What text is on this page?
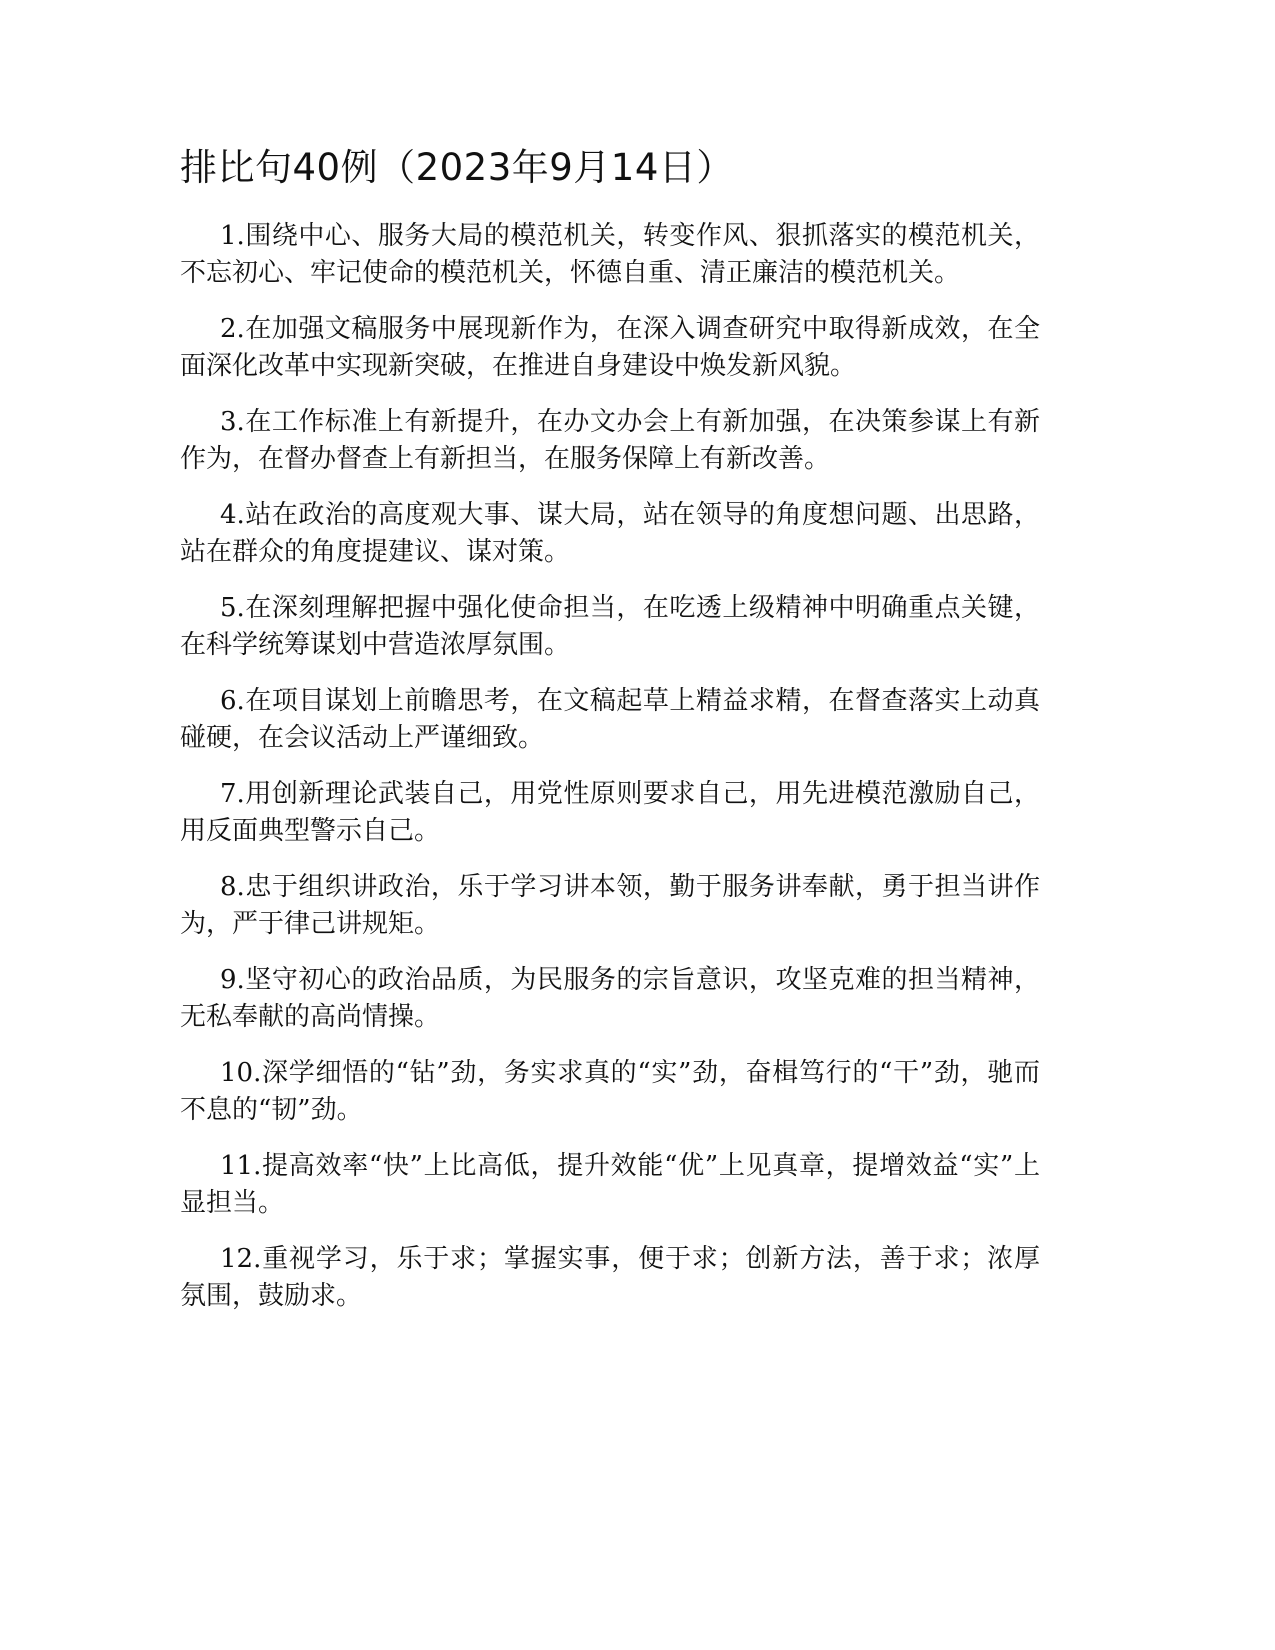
排比句40例（2023年9月14日）

1.围绕中心、服务大局的模范机关，转变作风、狠抓落实的模范机关，不忘初心、牢记使命的模范机关，怀德自重、清正廉洁的模范机关。

2.在加强文稿服务中展现新作为，在深入调查研究中取得新成效，在全面深化改革中实现新突破，在推进自身建设中焕发新风貌。

3.在工作标准上有新提升，在办文办会上有新加强，在决策参谋上有新作为，在督办督查上有新担当，在服务保障上有新改善。

4.站在政治的高度观大事、谋大局，站在领导的角度想问题、出思路，站在群众的角度提建议、谋对策。

5.在深刻理解把握中强化使命担当，在吃透上级精神中明确重点关键，在科学统筹谋划中营造浓厚氛围。

6.在项目谋划上前瞻思考，在文稿起草上精益求精，在督查落实上动真碰硬，在会议活动上严谨细致。

7.用创新理论武装自己，用党性原则要求自己，用先进模范激励自己，用反面典型警示自己。

8.忠于组织讲政治，乐于学习讲本领，勤于服务讲奉献，勇于担当讲作为，严于律己讲规矩。

9.坚守初心的政治品质，为民服务的宗旨意识，攻坚克难的担当精神，无私奉献的高尚情操。

10.深学细悟的“钻”劲，务实求真的“实”劲，奋楫笃行的“干”劲，驰而不息的“韧”劲。

11.提高效率“快”上比高低，提升效能“优”上见真章，提增效益“实”上显担当。

12.重视学习，乐于求；掌握实事，便于求；创新方法，善于求；浓厚氛围，鼓励求。
